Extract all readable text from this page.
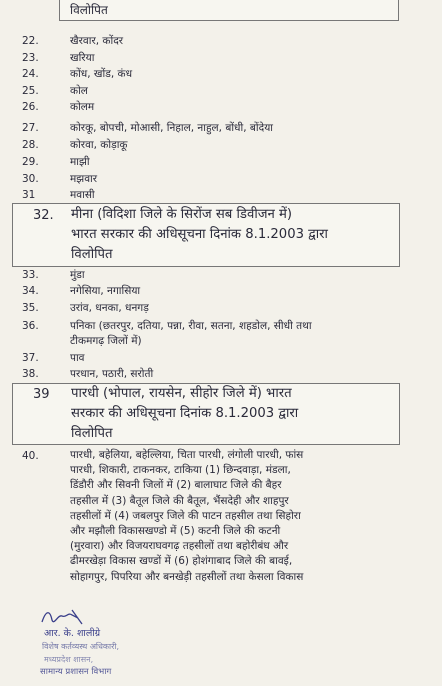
विलोपित
22.	खैरवार, कोंदर
23.	खरिया
24.	कोंध, खोंड, कंध
25.	कोल
26.	कोलम
27.	कोरकू, बोपची, मोआसी, निहाल, नाहुल, बोंधी, बोंदेया
28.	कोरवा, कोड़ाकू
29.	माझी
30.	मझवार
31	मवासी
32. मीना (विदिशा जिले के सिरोंज सब डिवीजन में)
भारत सरकार की अधिसूचना दिनांक 8.1.2003 द्वारा
विलोपित
33.	मुंडा
34.	नगेसिया, नगासिया
35.	उरांव, धनका, धनगड़
36.	पनिका (छतरपुर, दतिया, पन्ना, रीवा, सतना, शहडोल, सीधी तथा
टीकमगढ़ जिलों में)
37.	पाव
38.	परधान, पठारी, सरोती
39 पारधी (भोपाल, रायसेन, सीहोर जिले में) भारत
सरकार की अधिसूचना दिनांक 8.1.2003 द्वारा
विलोपित
40.	पारधी, बहेलिया, बहेल्लिया, चिता पारधी, लंगोली पारधी, फांस
पारधी, शिकारी, टाकनकर, टाकिया (1) छिन्दवाड़ा, मंडला,
डिंडौरी और सिवनी जिलों में (2) बालाघाट जिले की बैहर
तहसील में (3) बैतूल जिले की बैतूल, भैंसदेही और शाहपुर
तहसीलों में (4) जबलपुर जिले की पाटन तहसील तथा सिहोरा
और मझौली विकासखण्डो में (5) कटनी जिले की कटनी
(मुरवारा) और विजयराघवगढ़ तहसीलों तथा बहोरीबंध और
ढीमरखेड़ा विकास खण्डों में (6) होशंगाबाद जिले की बावई,
सोहागपुर, पिपरिया और बनखेड़ी तहसीलों तथा केसला विकास
आर. के. शालीग्रे
विशेष कर्तव्यस्थ अधिकारी,
मध्यप्रदेश शासन,
सामान्य प्रशासन विभाग
